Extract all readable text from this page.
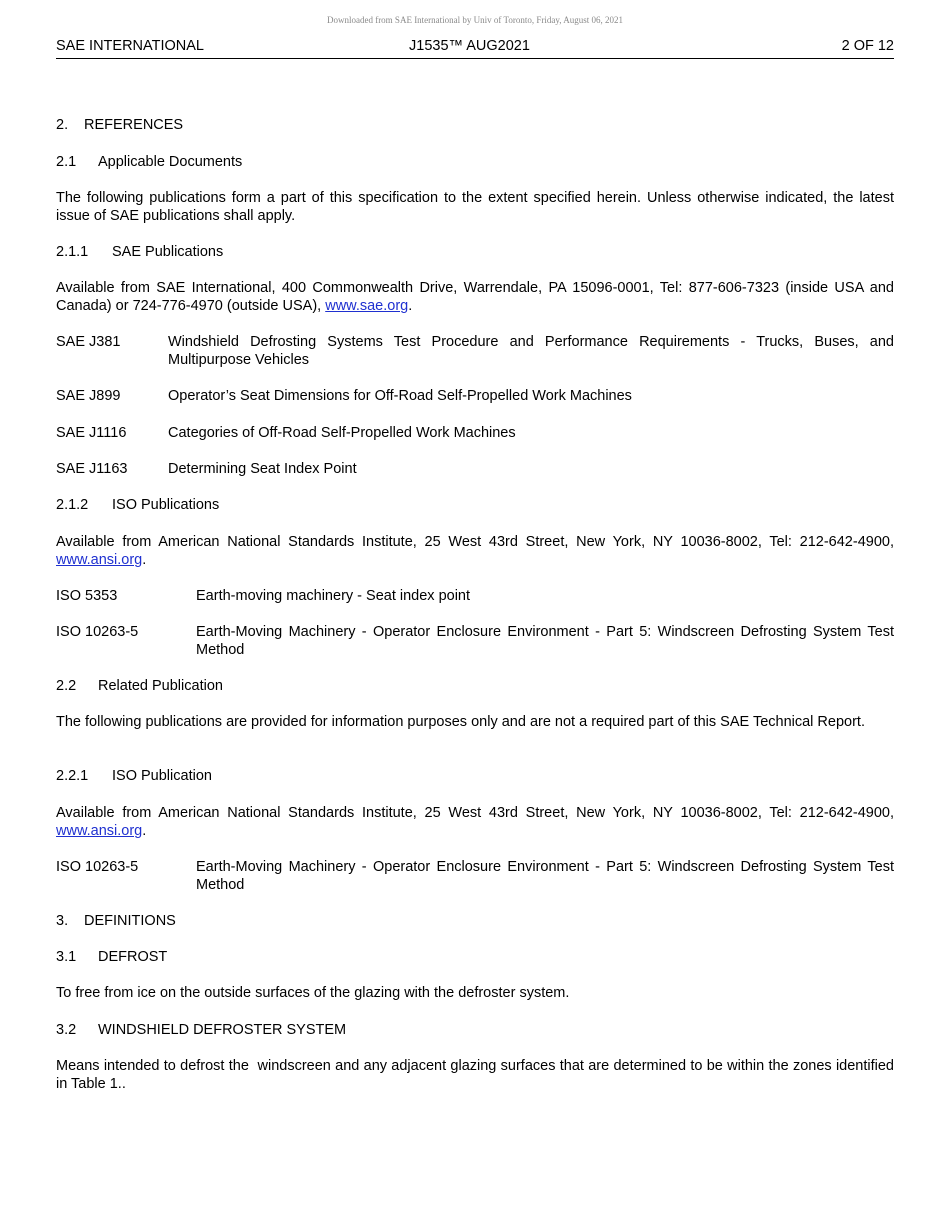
Downloaded from SAE International by Univ of Toronto, Friday, August 06, 2021
SAE INTERNATIONAL	J1535™ AUG2021	2 OF 12
2. REFERENCES
2.1 Applicable Documents

The following publications form a part of this specification to the extent specified herein. Unless otherwise indicated, the latest issue of SAE publications shall apply.

2.1.1 SAE Publications

Available from SAE International, 400 Commonwealth Drive, Warrendale, PA 15096-0001, Tel: 877-606-7323 (inside USA and Canada) or 724-776-4970 (outside USA), www.sae.org.

SAE J381	Windshield Defrosting Systems Test Procedure and Performance Requirements - Trucks, Buses, and Multipurpose Vehicles
SAE J899	Operator’s Seat Dimensions for Off-Road Self-Propelled Work Machines
SAE J1116	Categories of Off-Road Self-Propelled Work Machines
SAE J1163	Determining Seat Index Point
2.1.2 ISO Publications

Available from American National Standards Institute, 25 West 43rd Street, New York, NY 10036-8002, Tel: 212-642-4900, www.ansi.org.

ISO 5353	Earth-moving machinery - Seat index point
ISO 10263-5	Earth-Moving Machinery - Operator Enclosure Environment - Part 5: Windscreen Defrosting System Test Method
2.2 Related Publication

The following publications are provided for information purposes only and are not a required part of this SAE Technical Report.

2.2.1 ISO Publication

Available from American National Standards Institute, 25 West 43rd Street, New York, NY 10036-8002, Tel: 212-642-4900, www.ansi.org.

ISO 10263-5	Earth-Moving Machinery - Operator Enclosure Environment - Part 5: Windscreen Defrosting System Test Method
3. DEFINITIONS
3.1 DEFROST

To free from ice on the outside surfaces of the glazing with the defroster system.

3.2 WINDSHIELD DEFROSTER SYSTEM

Means intended to defrost the  windscreen and any adjacent glazing surfaces that are determined to be within the zones identified in Table 1..
